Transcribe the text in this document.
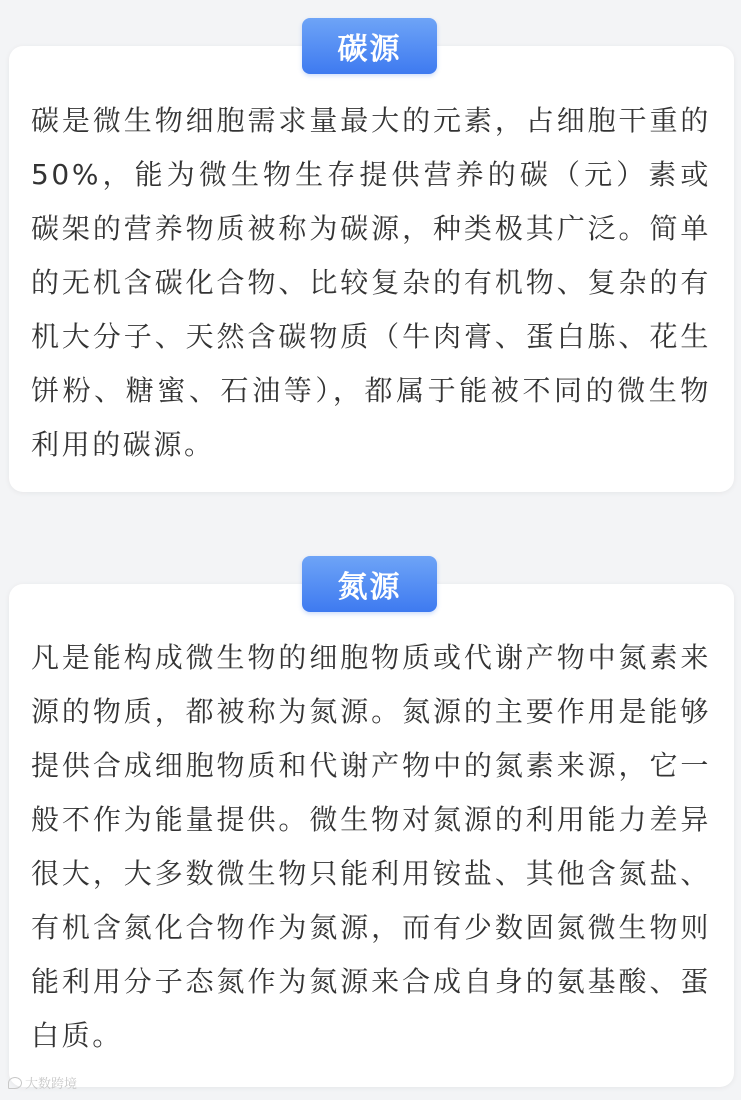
碳源

碳是微生物细胞需求量最大的元素，占细胞干重的50%，能为微生物生存提供营养的碳（元）素或碳架的营养物质被称为碳源，种类极其广泛。简单的无机含碳化合物、比较复杂的有机物、复杂的有机大分子、天然含碳物质（牛肉膏、蛋白胨、花生饼粉、糖蜜、石油等），都属于能被不同的微生物利用的碳源。

氮源

凡是能构成微生物的细胞物质或代谢产物中氮素来源的物质，都被称为氮源。氮源的主要作用是能够提供合成细胞物质和代谢产物中的氮素来源，它一般不作为能量提供。微生物对氮源的利用能力差异很大，大多数微生物只能利用铵盐、其他含氮盐、有机含氮化合物作为氮源，而有少数固氮微生物则能利用分子态氮作为氮源来合成自身的氨基酸、蛋白质。

大数跨境
